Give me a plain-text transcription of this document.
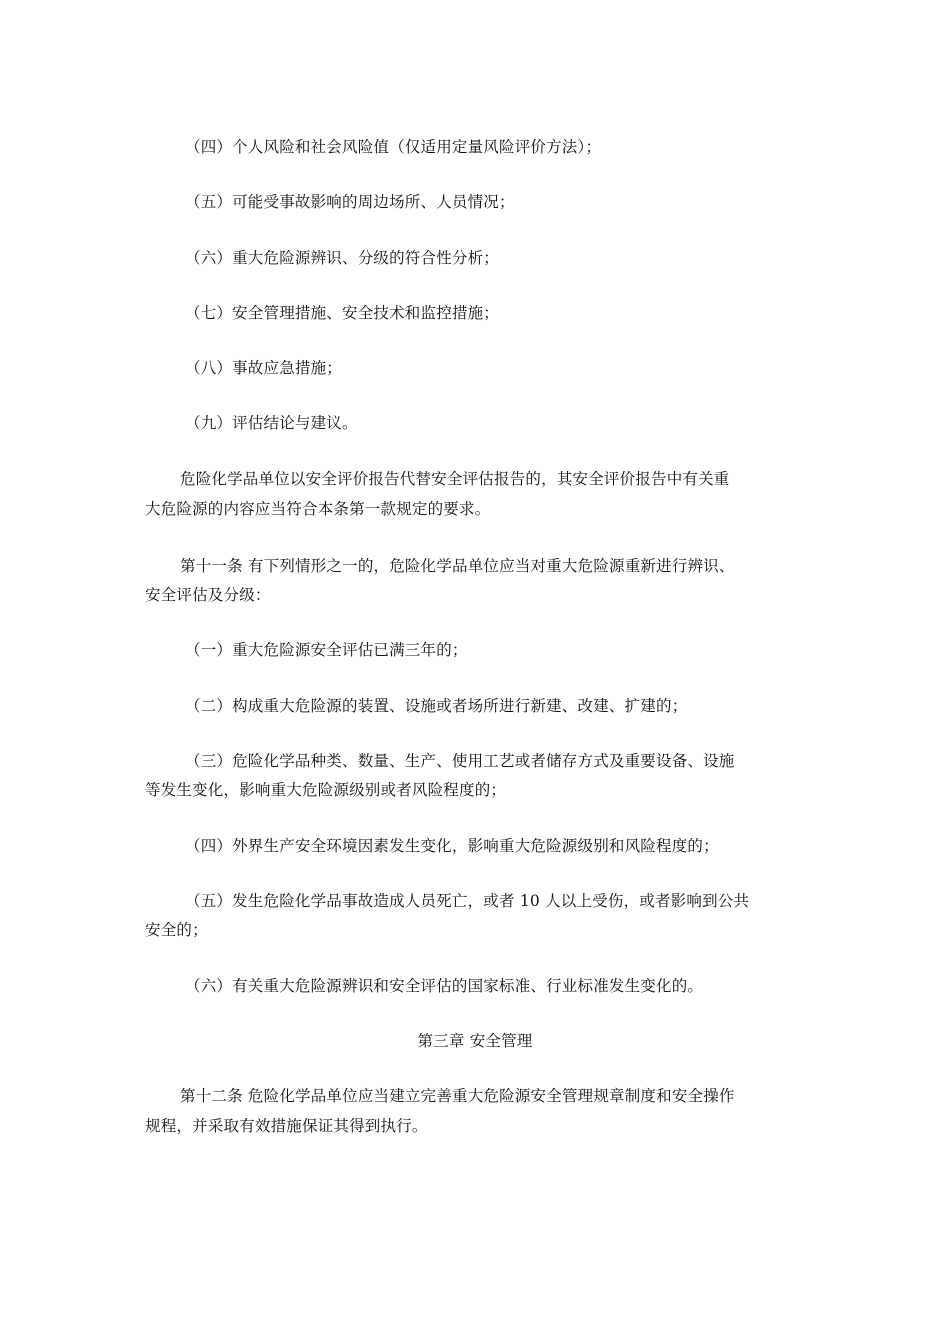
（四）个人风险和社会风险值（仅适用定量风险评价方法）；
（五）可能受事故影响的周边场所、人员情况；
（六）重大危险源辨识、分级的符合性分析；
（七）安全管理措施、安全技术和监控措施；
（八）事故应急措施；
（九）评估结论与建议。
危险化学品单位以安全评价报告代替安全评估报告的，其安全评价报告中有关重
大危险源的内容应当符合本条第一款规定的要求。
第十一条 有下列情形之一的，危险化学品单位应当对重大危险源重新进行辨识、
安全评估及分级：
（一）重大危险源安全评估已满三年的；
（二）构成重大危险源的装置、设施或者场所进行新建、改建、扩建的；
（三）危险化学品种类、数量、生产、使用工艺或者储存方式及重要设备、设施
等发生变化，影响重大危险源级别或者风险程度的；
（四）外界生产安全环境因素发生变化，影响重大危险源级别和风险程度的；
（五）发生危险化学品事故造成人员死亡，或者 10 人以上受伤，或者影响到公共
安全的；
（六）有关重大危险源辨识和安全评估的国家标准、行业标准发生变化的。
第三章 安全管理
第十二条 危险化学品单位应当建立完善重大危险源安全管理规章制度和安全操作
规程，并采取有效措施保证其得到执行。
